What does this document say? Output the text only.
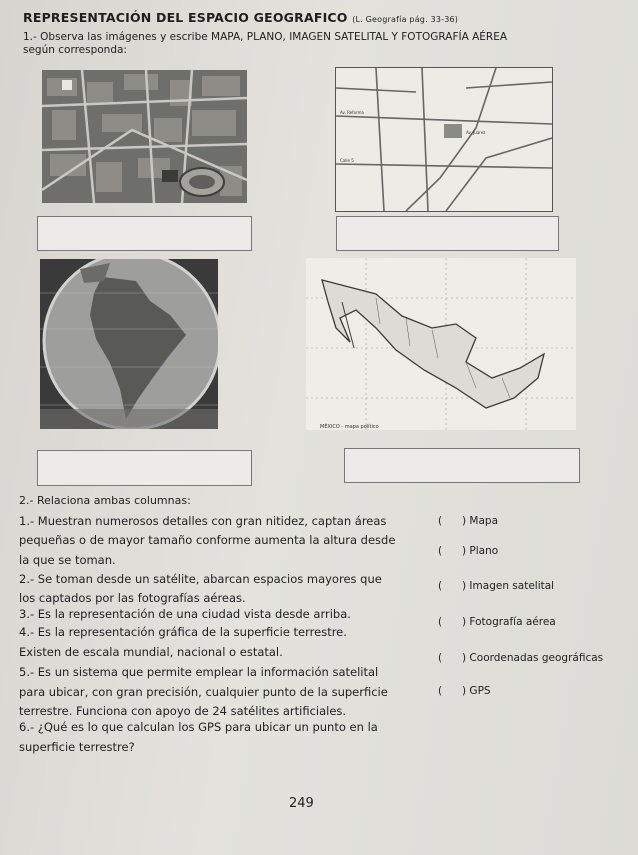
REPRESENTACIÓN DEL ESPACIO GEOGRAFICO (L. Geografía pág. 33-36)
1.- Observa las imágenes y escribe MAPA, PLANO, IMAGEN SATELITAL Y FOTOGRAFÍA AÉREA
según corresponda:
Av. Reforma
Calle 5
Av. Juárez
MÉXICO - mapa político
2.- Relaciona ambas columnas:
1.- Muestran numerosos detalles con gran nitidez, captan áreas
pequeñas o de mayor tamaño conforme aumenta la altura desde
la que se toman.
2.- Se toman desde un satélite, abarcan espacios mayores que
los captados por las fotografías aéreas.
3.- Es la representación de una ciudad vista desde arriba.
4.- Es la representación gráfica de la superficie terrestre.
Existen de escala mundial, nacional o estatal.
5.- Es un sistema que permite emplear la información satelital
para ubicar, con gran precisión, cualquier punto de la superficie
terrestre. Funciona con apoyo de 24 satélites artificiales.
6.- ¿Qué es lo que calculan los GPS para ubicar un punto en la
superficie terrestre?
( ) Mapa
( ) Plano
( ) Imagen satelital
( ) Fotografía aérea
( ) Coordenadas geográficas
( ) GPS
249
